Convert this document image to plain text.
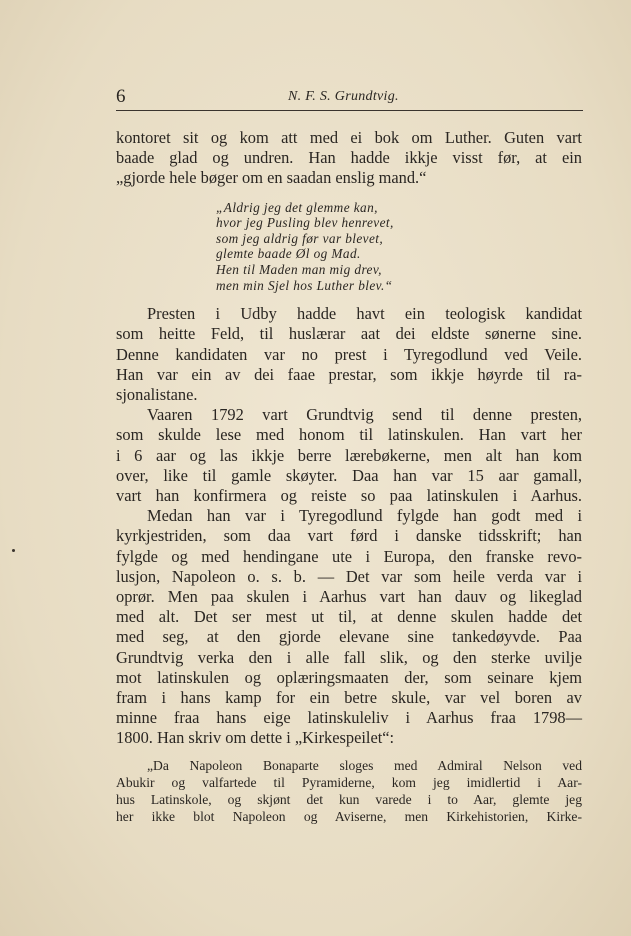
6	N. F. S. Grundtvig.
kontoret sit og kom att med ei bok om Luther. Guten vart
baade glad og undren. Han hadde ikkje visst før, at ein
„gjorde hele bøger om en saadan enslig mand.“
„Aldrig jeg det glemme kan,
hvor jeg Pusling blev henrevet,
som jeg aldrig før var blevet,
glemte baade Øl og Mad.
Hen til Maden man mig drev,
men min Sjel hos Luther blev.“
Presten i Udby hadde havt ein teologisk kandidat
som heitte Feld, til huslærar aat dei eldste sønerne sine.
Denne kandidaten var no prest i Tyregodlund ved Veile.
Han var ein av dei faae prestar, som ikkje høyrde til ra-
sjonalistane.
Vaaren 1792 vart Grundtvig send til denne presten,
som skulde lese med honom til latinskulen. Han vart her
i 6 aar og las ikkje berre lærebøkerne, men alt han kom
over, like til gamle skøyter. Daa han var 15 aar gamall,
vart han konfirmera og reiste so paa latinskulen i Aarhus.
Medan han var i Tyregodlund fylgde han godt med i
kyrkjestriden, som daa vart førd i danske tidsskrift; han
fylgde og med hendingane ute i Europa, den franske revo-
lusjon, Napoleon o. s. b. — Det var som heile verda var i
oprør. Men paa skulen i Aarhus vart han dauv og likeglad
med alt. Det ser mest ut til, at denne skulen hadde det
med seg, at den gjorde elevane sine tankedøyvde. Paa
Grundtvig verka den i alle fall slik, og den sterke uvilje
mot latinskulen og oplæringsmaaten der, som seinare kjem
fram i hans kamp for ein betre skule, var vel boren av
minne fraa hans eige latinskuleliv i Aarhus fraa 1798—
1800. Han skriv om dette i „Kirkespeilet“:
„Da Napoleon Bonaparte sloges med Admiral Nelson ved
Abukir og valfartede til Pyramiderne, kom jeg imidlertid i Aar-
hus Latinskole, og skjønt det kun varede i to Aar, glemte jeg
her ikke blot Napoleon og Aviserne, men Kirkehistorien, Kirke-
